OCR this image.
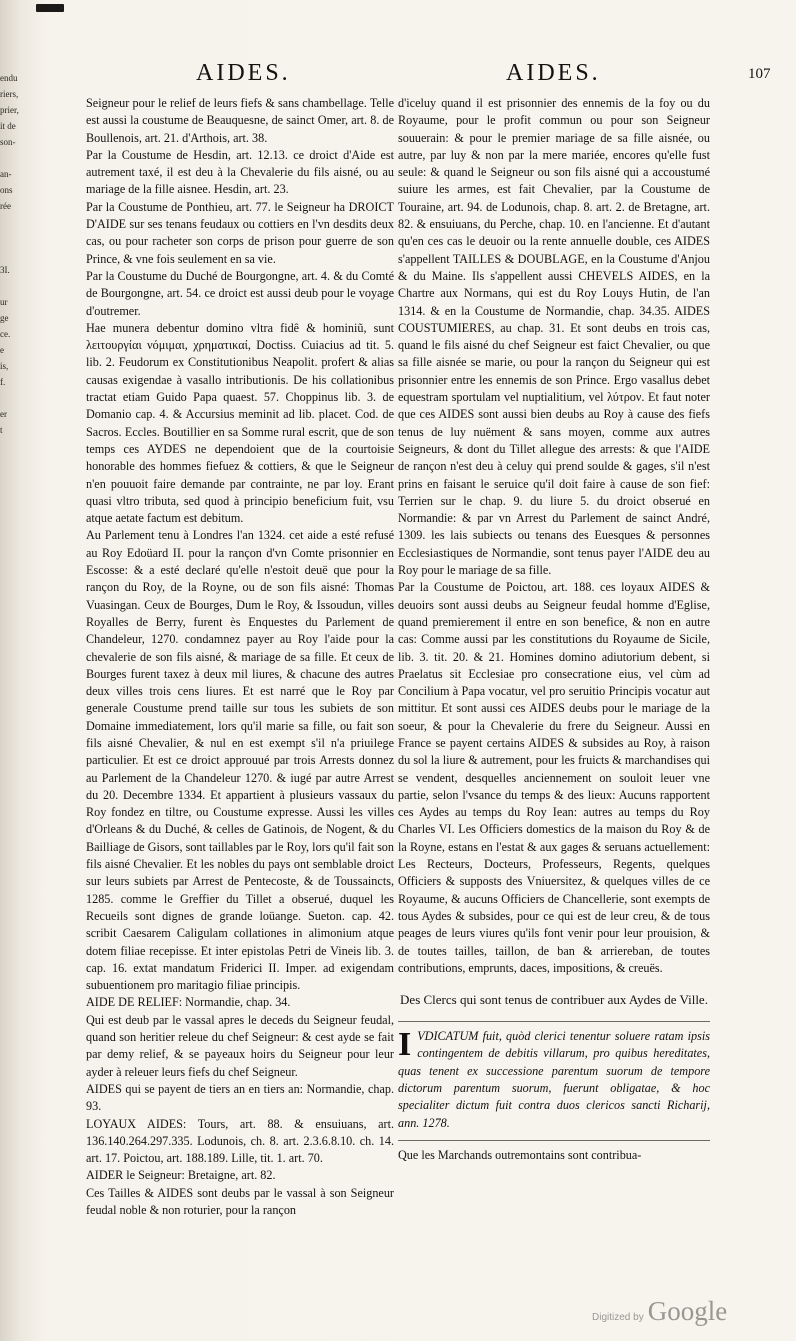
endu
riers,
prier,
it de
son-

an-
ons
rée

3I.

ur
ge
ce.
e
is,
f.

er
t
AIDES.	AIDES.	107

Seigneur pour le relief de leurs fiefs & sans chambellage. Telle est aussi la coustume de Beauquesne, de sainct Omer, art. 8. de Boullenois, art. 21. d'Arthois, art. 38.

Par la Coustume de Hesdin, art. 12.13. ce droict d'Aide est autrement taxé, il est deu à la Chevalerie du fils aisné, ou au mariage de la fille aisnee. Hesdin, art. 23.

Par la Coustume de Ponthieu, art. 77. le Seigneur ha DROICT D'AIDE sur ses tenans feudaux ou cottiers en l'vn desdits deux cas, ou pour racheter son corps de prison pour guerre de son Prince, & vne fois seulement en sa vie.

Par la Coustume du Duché de Bourgongne, art. 4. & du Comté de Bourgongne, art. 54. ce droict est aussi deub pour le voyage d'outremer.

Hae munera debentur domino vltra fidê & hominiũ, sunt λειτουργίαι νόμιμαι, χρηματικαί, Doctiss. Cuiacius ad tit. 5. lib. 2. Feudorum ex Constitutionibus Neapolit. profert & alias causas exigendae à vasallo intributionis. De his collationibus tractat etiam Guido Papa quaest. 57. Choppinus lib. 3. de Domanio cap. 4. & Accursius meminit ad lib. placet. Cod. de Sacros. Eccles. Boutillier en sa Somme rural escrit, que de son temps ces AYDES ne dependoient que de la courtoisie honorable des hommes fiefuez & cottiers, & que le Seigneur n'en pouuoit faire demande par contrainte, ne par loy. Erant quasi vltro tributa, sed quod à principio beneficium fuit, vsu atque aetate factum est debitum.

Au Parlement tenu à Londres l'an 1324. cet aide a esté refusé au Roy Edoüard II. pour la rançon d'vn Comte prisonnier en Escosse: & a esté declaré qu'elle n'estoit deuë que pour la rançon du Roy, de la Royne, ou de son fils aisné: Thomas Vuasingan. Ceux de Bourges, Dum le Roy, & Issoudun, villes Royalles de Berry, furent ès Enquestes du Parlement de Chandeleur, 1270. condamnez payer au Roy l'aide pour la chevalerie de son fils aisné, & mariage de sa fille. Et ceux de Bourges furent taxez à deux mil liures, & chacune des autres deux villes trois cens liures. Et est narré que le Roy par generale Coustume prend taille sur tous les subiets de son Domaine immediatement, lors qu'il marie sa fille, ou fait son fils aisné Chevalier, & nul en est exempt s'il n'a priuilege particulier. Et est ce droict approuué par trois Arrests donnez au Parlement de la Chandeleur 1270. & iugé par autre Arrest du 20. Decembre 1334. Et appartient à plusieurs vassaux du Roy fondez en tiltre, ou Coustume expresse. Aussi les villes d'Orleans & du Duché, & celles de Gatinois, de Nogent, & du Bailliage de Gisors, sont taillables par le Roy, lors qu'il fait son fils aisné Chevalier. Et les nobles du pays ont semblable droict sur leurs subiets par Arrest de Pentecoste, & de Toussaincts, 1285. comme le Greffier du Tillet a obserué, duquel les Recueils sont dignes de grande loüange. Sueton. cap. 42. scribit Caesarem Caligulam collationes in alimonium atque dotem filiae recepisse. Et inter epistolas Petri de Vineis lib. 3. cap. 16. extat mandatum Friderici II. Imper. ad exigendam subuentionem pro maritagio filiae principis.

AIDE DE RELIEF: Normandie, chap. 34.

Qui est deub par le vassal apres le deceds du Seigneur feudal, quand son heritier releue du chef Seigneur: & cest ayde se fait par demy relief, & se payeaux hoirs du Seigneur pour leur ayder à releuer leurs fiefs du chef Seigneur.

AIDES qui se payent de tiers an en tiers an: Normandie, chap. 93.

LOYAUX AIDES: Tours, art. 88. & ensuiuans, art. 136.140.264.297.335. Lodunois, ch. 8. art. 2.3.6.8.10. ch. 14. art. 17. Poictou, art. 188.189. Lille, tit. 1. art. 70.

AIDER le Seigneur: Bretaigne, art. 82.

Ces Tailles & AIDES sont deubs par le vassal à son Seigneur feudal noble & non roturier, pour la rançon

d'iceluy quand il est prisonnier des ennemis de la foy ou du Royaume, pour le profit commun ou pour son Seigneur souuerain: & pour le premier mariage de sa fille aisnée, ou autre, par luy & non par la mere mariée, encores qu'elle fust seule: & quand le Seigneur ou son fils aisné qui a accoustumé suiure les armes, est fait Chevalier, par la Coustume de Touraine, art. 94. de Lodunois, chap. 8. art. 2. de Bretagne, art. 82. & ensuiuans, du Perche, chap. 10. en l'ancienne. Et d'autant qu'en ces cas le deuoir ou la rente annuelle double, ces AIDES s'appellent TAILLES & DOUBLAGE, en la Coustume d'Anjou & du Maine. Ils s'appellent aussi CHEVELS AIDES, en la Chartre aux Normans, qui est du Roy Louys Hutin, de l'an 1314. & en la Coustume de Normandie, chap. 34.35. AIDES COUSTUMIERES, au chap. 31. Et sont deubs en trois cas, quand le fils aisné du chef Seigneur est faict Chevalier, ou que sa fille aisnée se marie, ou pour la rançon du Seigneur qui est prisonnier entre les ennemis de son Prince. Ergo vasallus debet equestram sportulam vel nuptialitium, vel λύτρον. Et faut noter que ces AIDES sont aussi bien deubs au Roy à cause des fiefs tenus de luy nuëment & sans moyen, comme aux autres Seigneurs, & dont du Tillet allegue des arrests: & que l'AIDE de rançon n'est deu à celuy qui prend soulde & gages, s'il n'est prins en faisant le seruice qu'il doit faire à cause de son fief: Terrien sur le chap. 9. du liure 5. du droict obserué en Normandie: & par vn Arrest du Parlement de sainct André, 1309. les lais subiects ou tenans des Euesques & personnes Ecclesiastiques de Normandie, sont tenus payer l'AIDE deu au Roy pour le mariage de sa fille.

Par la Coustume de Poictou, art. 188. ces loyaux AIDES & deuoirs sont aussi deubs au Seigneur feudal homme d'Eglise, quand premierement il entre en son benefice, & non en autre cas: Comme aussi par les constitutions du Royaume de Sicile, lib. 3. tit. 20. & 21. Homines domino adiutorium debent, si Praelatus sit Ecclesiae pro consecratione eius, vel cùm ad Concilium à Papa vocatur, vel pro seruitio Principis vocatur aut mittitur. Et sont aussi ces AIDES deubs pour le mariage de la soeur, & pour la Chevalerie du frere du Seigneur. Aussi en France se payent certains AIDES & subsides au Roy, à raison du sol la liure & autrement, pour les fruicts & marchandises qui se vendent, desquelles anciennement on souloit leuer vne partie, selon l'vsance du temps & des lieux: Aucuns rapportent ces Aydes au temps du Roy Iean: autres au temps du Roy Charles VI. Les Officiers domestics de la maison du Roy & de la Royne, estans en l'estat & aux gages & seruans actuellement: Les Recteurs, Docteurs, Professeurs, Regents, quelques Officiers & supposts des Vniuersitez, & quelques villes de ce Royaume, & aucuns Officiers de Chancellerie, sont exempts de tous Aydes & subsides, pour ce qui est de leur creu, & de tous peages de leurs viures qu'ils font venir pour leur prouision, & de toutes tailles, taillon, de ban & arriereban, de toutes contributions, emprunts, daces, impositions, & creuës.

Des Clercs qui sont tenus de contribuer aux Aydes de Ville.

I VDICATUM fuit, quòd clerici tenentur soluere ratam ipsis contingentem de debitis villarum, pro quibus hereditates, quas tenent ex successione parentum suorum de tempore dictorum parentum suorum, fuerunt obligatae, & hoc specialiter dictum fuit contra duos clericos sancti Richarij, ann. 1278.

Que les Marchands outremontains sont contribua-

Digitized by Google
